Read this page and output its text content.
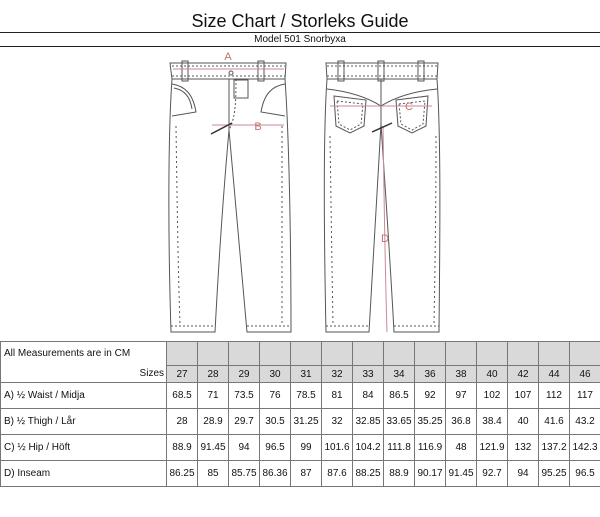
Size Chart / Storleks Guide
Model 501 Snorbyxa
A
B
C
D
All Measurements are in CM														
Sizes	27	28	29	30	31	32	33	34	36	38	40	42	44	46
A) ½ Waist / Midja	68.5	71	73.5	76	78.5	81	84	86.5	92	97	102	107	112	117
B) ½ Thigh / Lår	28	28.9	29.7	30.5	31.25	32	32.85	33.65	35.25	36.8	38.4	40	41.6	43.2
C) ½ Hip / Höft	88.9	91.45	94	96.5	99	101.6	104.2	111.8	116.9	48	121.9	132	137.2	142.3
D) Inseam	86.25	85	85.75	86.36	87	87.6	88.25	88.9	90.17	91.45	92.7	94	95.25	96.5
